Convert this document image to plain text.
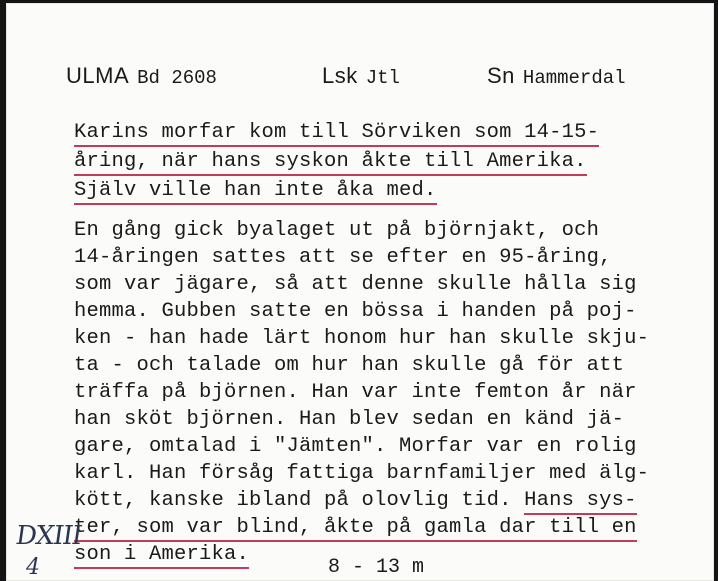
ULMA Bd 2608	Lsk Jtl	Sn Hammerdal
Karins morfar kom till Sörviken som 14-15-
åring, när hans syskon åkte till Amerika.
Själv ville han inte åka med.
En gång gick byalaget ut på björnjakt, och
14-åringen sattes att se efter en 95-åring,
som var jägare, så att denne skulle hålla sig
hemma. Gubben satte en bössa i handen på poj-
ken - han hade lärt honom hur han skulle skju-
ta - och talade om hur han skulle gå för att
träffa på björnen. Han var inte femton år när
han sköt björnen. Han blev sedan en känd jä-
gare, omtalad i "Jämten". Morfar var en rolig
karl. Han försåg fattiga barnfamiljer med älg-
kött, kanske ibland på olovlig tid. Hans sys-
ter, som var blind, åkte på gamla dar till en
son i Amerika.
DXIII
4	8 - 13 m
